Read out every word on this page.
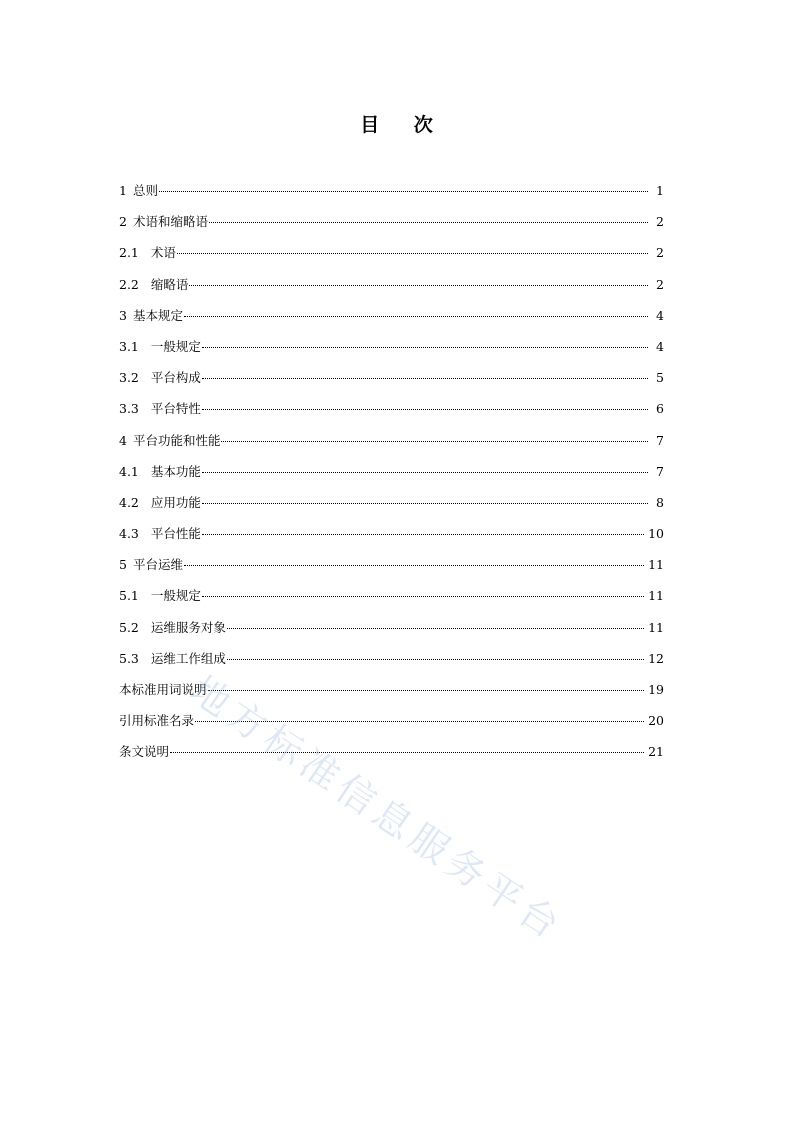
目 次
1 总则	1
2 术语和缩略语	2
2.1 术语	2
2.2 缩略语	2
3 基本规定	4
3.1 一般规定	4
3.2 平台构成	5
3.3 平台特性	6
4 平台功能和性能	7
4.1 基本功能	7
4.2 应用功能	8
4.3 平台性能	10
5 平台运维	11
5.1 一般规定	11
5.2 运维服务对象	11
5.3 运维工作组成	12
本标准用词说明	19
引用标准名录	20
条文说明	21
地方标准信息服务平台
